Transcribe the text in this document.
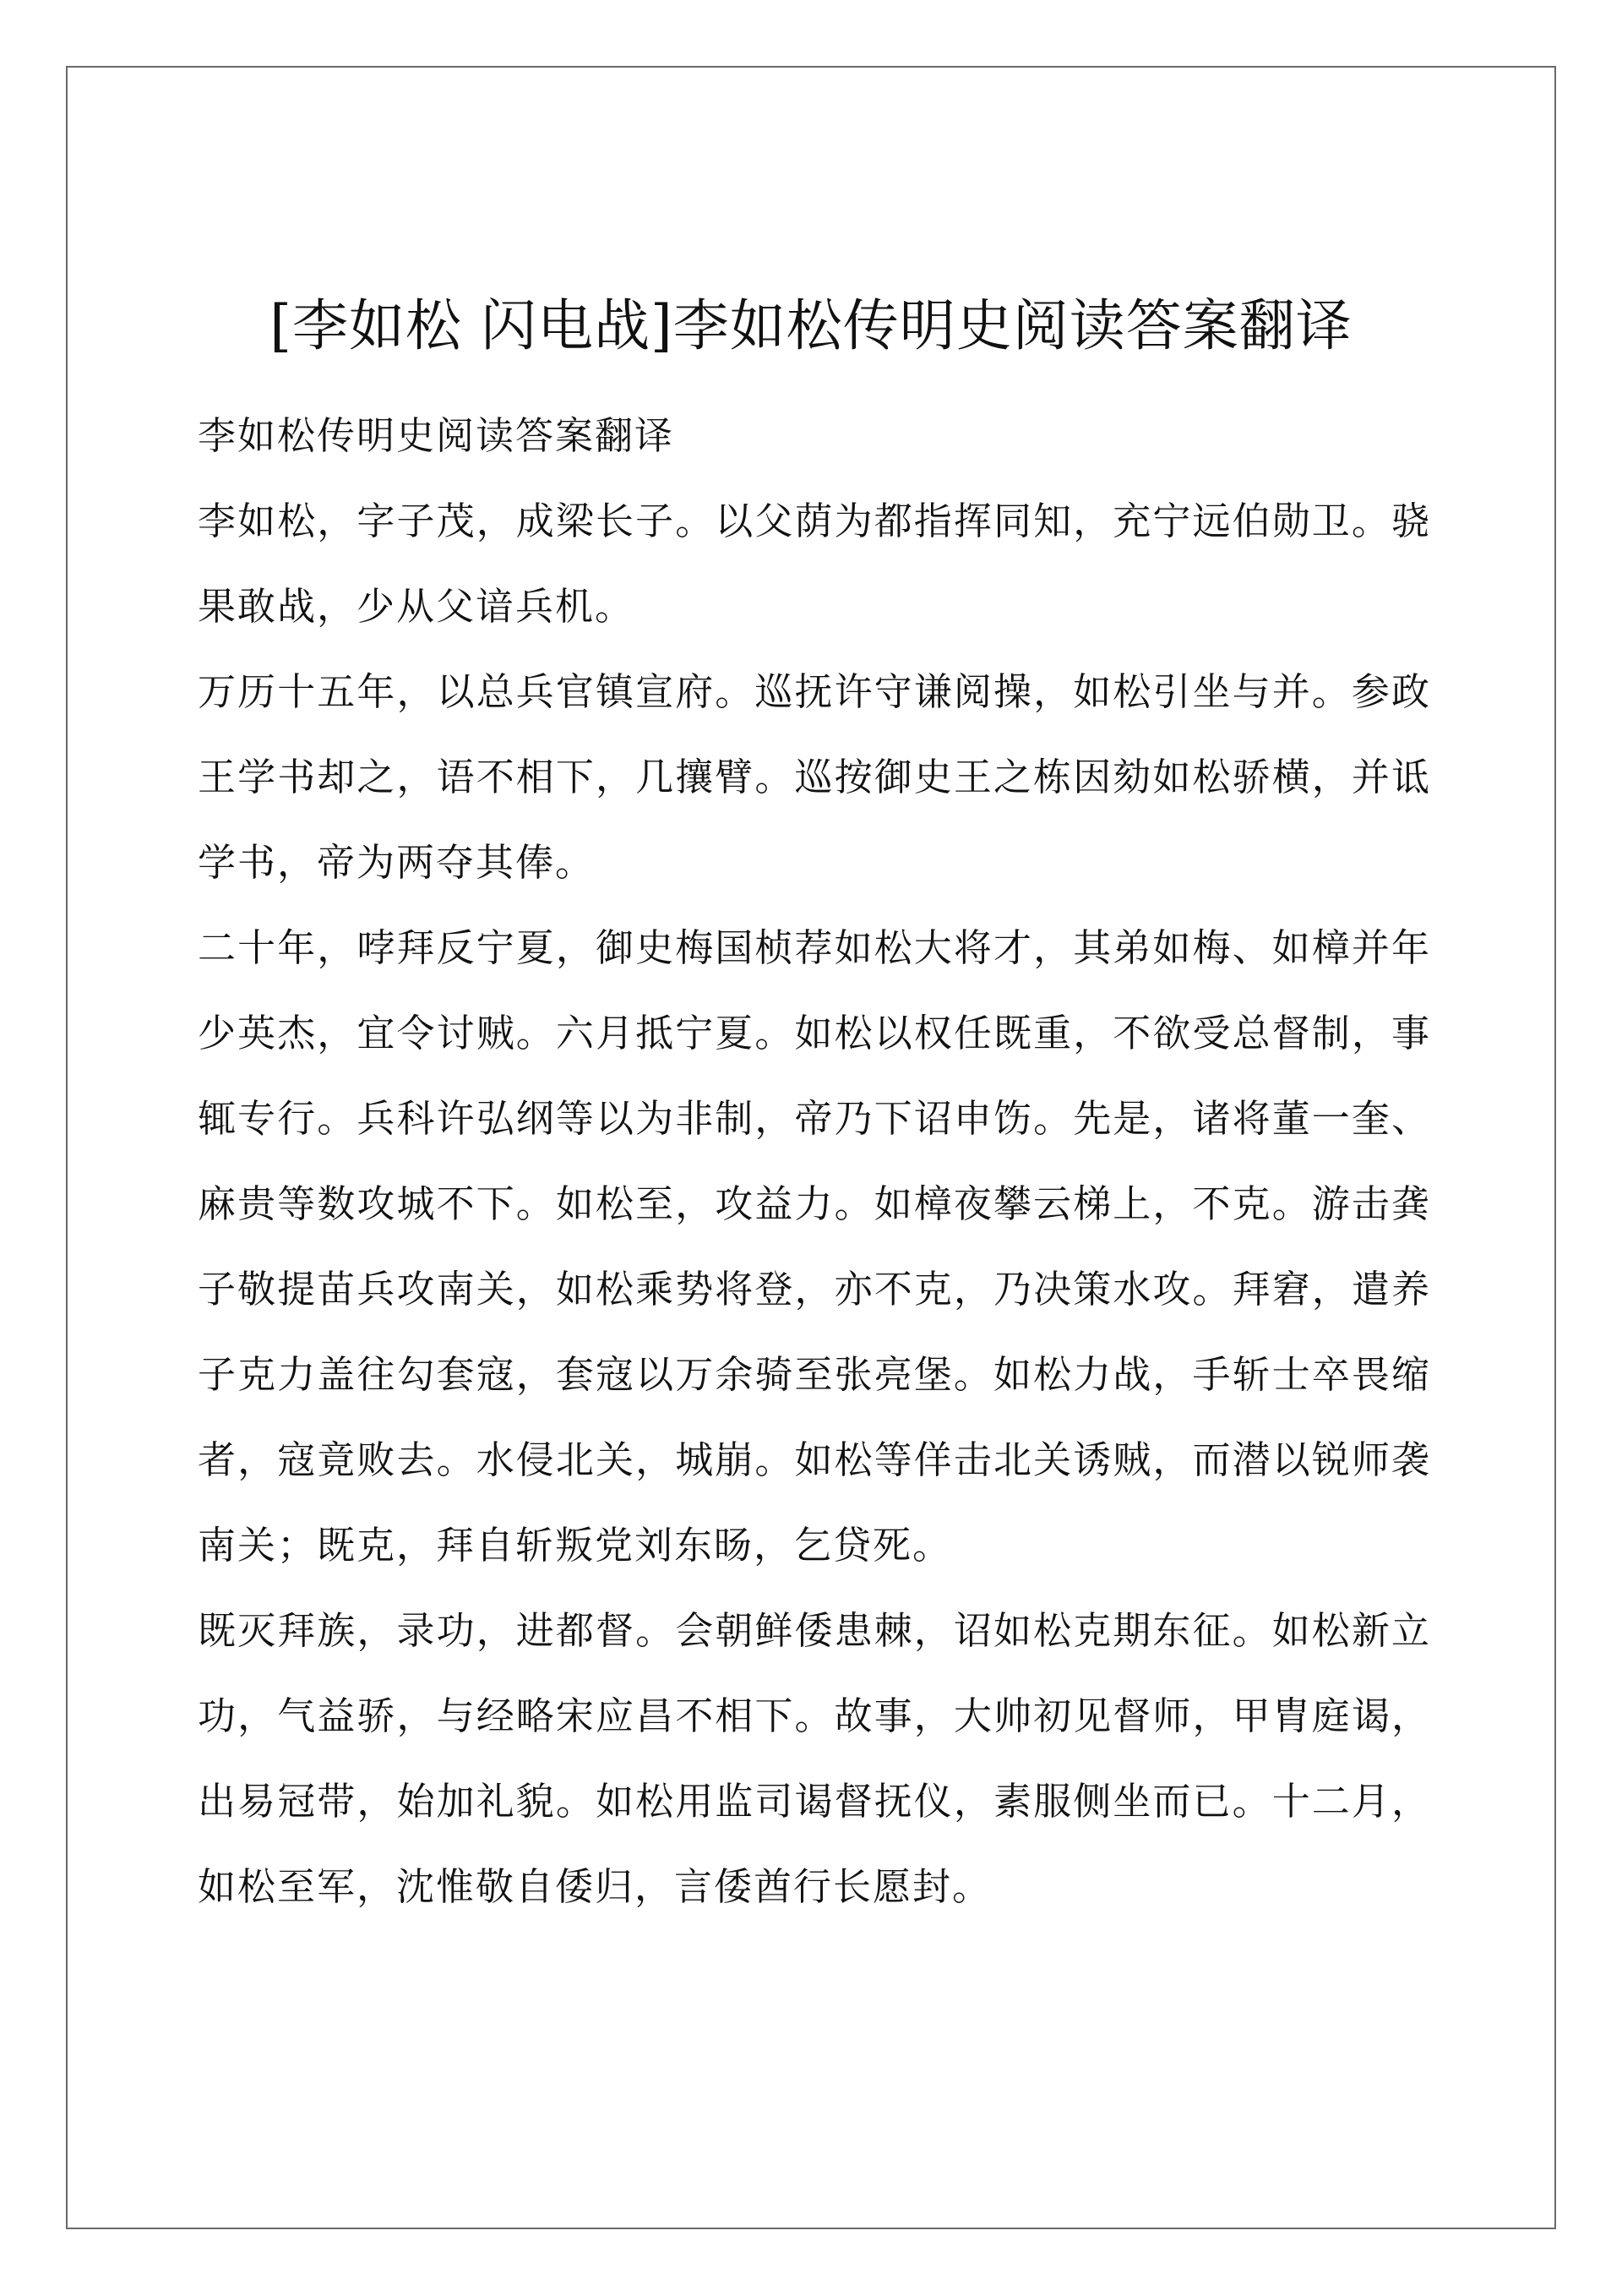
[李如松 闪电战]李如松传明史阅读答案翻译

李如松传明史阅读答案翻译

李如松，字子茂，成梁长子。以父荫为都指挥同知，充宁远伯勋卫。骁果敢战，少从父谙兵机。

万历十五年，以总兵官镇宣府。巡抚许守谦阅操，如松引坐与并。参政王学书却之，语不相下，几攘臂。巡按御史王之栋因劾如松骄横，并诋学书，帝为两夺其俸。

二十年，哱拜反宁夏，御史梅国桢荐如松大将才，其弟如梅、如樟并年少英杰，宜令讨贼。六月抵宁夏。如松以权任既重，不欲受总督制，事辄专行。兵科许弘纲等以为非制，帝乃下诏申饬。先是，诸将董一奎、麻贵等数攻城不下。如松至，攻益力。如樟夜攀云梯上，不克。游击龚子敬提苗兵攻南关，如松乘势将登，亦不克，乃决策水攻。拜窘，遣养子克力盖往勾套寇，套寇以万余骑至张亮堡。如松力战，手斩士卒畏缩者，寇竟败去。水侵北关，城崩。如松等佯击北关诱贼，而潜以锐师袭南关；既克，拜自斩叛党刘东旸，乞贷死。

既灭拜族，录功，进都督。会朝鲜倭患棘，诏如松克期东征。如松新立功，气益骄，与经略宋应昌不相下。故事，大帅初见督师，甲胄庭谒，出易冠带，始加礼貌。如松用监司谒督抚仪，素服侧坐而已。十二月，如松至军，沈惟敬自倭归，言倭酋行长愿封。
